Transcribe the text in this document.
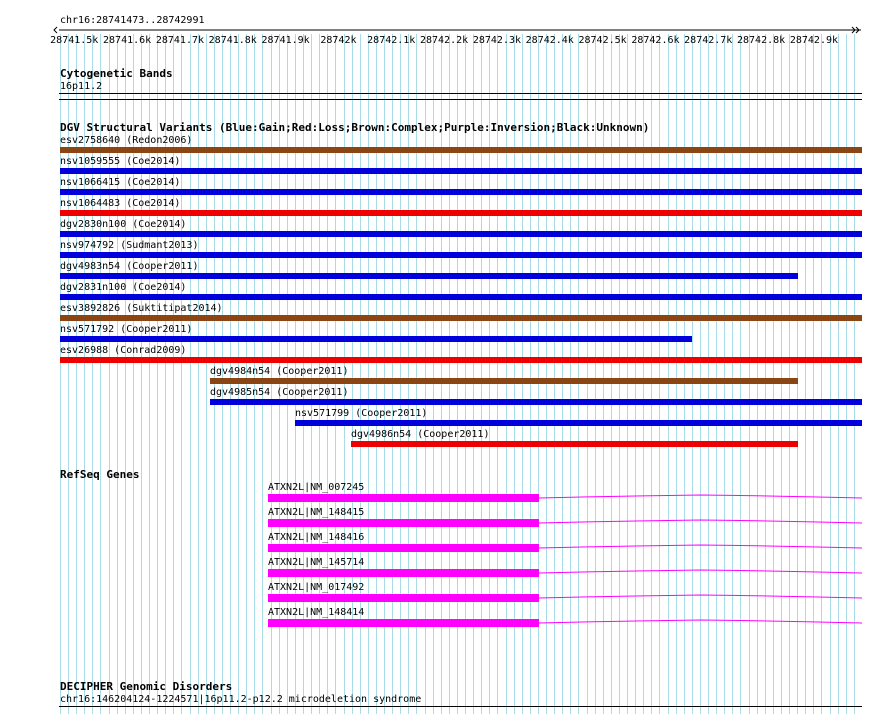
chr16:28741473..28742991
28741.5k 28741.6k 28741.7k 28741.8k 28741.9k 28742k 28742.1k 28742.2k 28742.3k 28742.4k 28742.5k 28742.6k 28742.7k 28742.8k 28742.9k
Cytogenetic Bands
16p11.2
DGV Structural Variants (Blue:Gain;Red:Loss;Brown:Complex;Purple:Inversion;Black:Unknown)
esv2758640 (Redon2006)
nsv1059555 (Coe2014)
nsv1066415 (Coe2014)
nsv1064483 (Coe2014)
dgv2830n100 (Coe2014)
nsv974792 (Sudmant2013)
dgv4983n54 (Cooper2011)
dgv2831n100 (Coe2014)
esv3892826 (Suktitipat2014)
nsv571792 (Cooper2011)
esv26988 (Conrad2009)
dgv4984n54 (Cooper2011)
dgv4985n54 (Cooper2011)
nsv571799 (Cooper2011)
dgv4986n54 (Cooper2011)
RefSeq Genes
ATXN2L|NM_007245
ATXN2L|NM_148415
ATXN2L|NM_148416
ATXN2L|NM_145714
ATXN2L|NM_017492
ATXN2L|NM_148414
DECIPHER Genomic Disorders
chr16:146204124-1224571|16p11.2-p12.2 microdeletion syndrome
